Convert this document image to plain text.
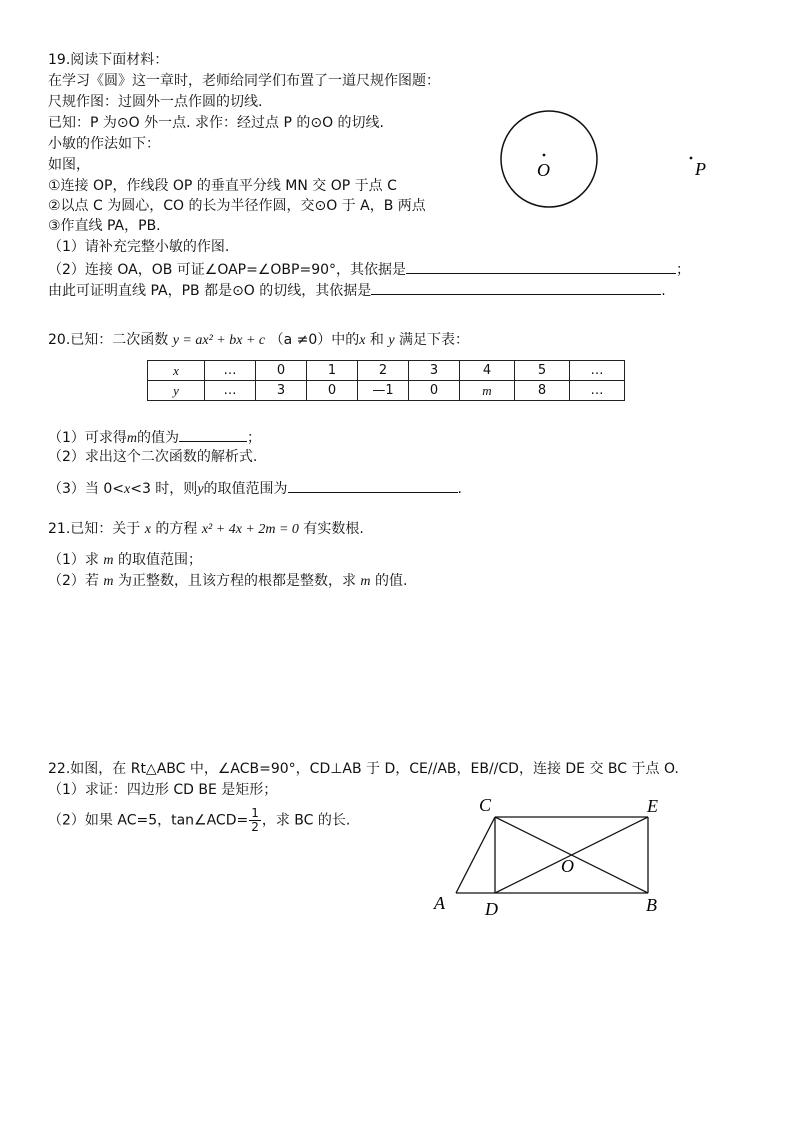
19.阅读下面材料：
在学习《圆》这一章时，老师给同学们布置了一道尺规作图题：
尺规作图：过圆外一点作圆的切线.
已知：P 为⊙O 外一点. 求作：经过点 P 的⊙O 的切线.
小敏的作法如下：
如图，
①连接 OP，作线段 OP 的垂直平分线 MN 交 OP 于点 C
②以点 C 为圆心，CO 的长为半径作圆，交⊙O 于 A，B 两点
③作直线 PA，PB.
（1）请补充完整小敏的作图.
（2）连接 OA，OB 可证∠OAP=∠OBP=90°，其依据是	；
由此可证明直线 PA，PB 都是⊙O 的切线，其依据是	.
O	P
20.已知：二次函数 y = ax² + bx + c （a ≠0）中的x 和 y 满足下表：
x	…	0	1	2	3	4	5	…
y	…	3	0	—1	0	m	8	…
（1）可求得m的值为	；
（2）求出这个二次函数的解析式.
（3）当 0<x<3 时，则y的取值范围为	.
21.已知：关于 x 的方程 x² + 4x + 2m = 0 有实数根.
（1）求 m 的取值范围；
（2）若 m 为正整数，且该方程的根都是整数，求 m 的值.
22.如图，在 Rt△ABC 中，∠ACB=90°，CD⊥AB 于 D，CE//AB，EB//CD，连接 DE 交 BC 于点 O.
（1）求证：四边形 CD BE 是矩形；
（2）如果 AC=5，tan∠ACD= $\frac{1}{2}$ ，求 BC 的长.
C	E
O
A D	B
